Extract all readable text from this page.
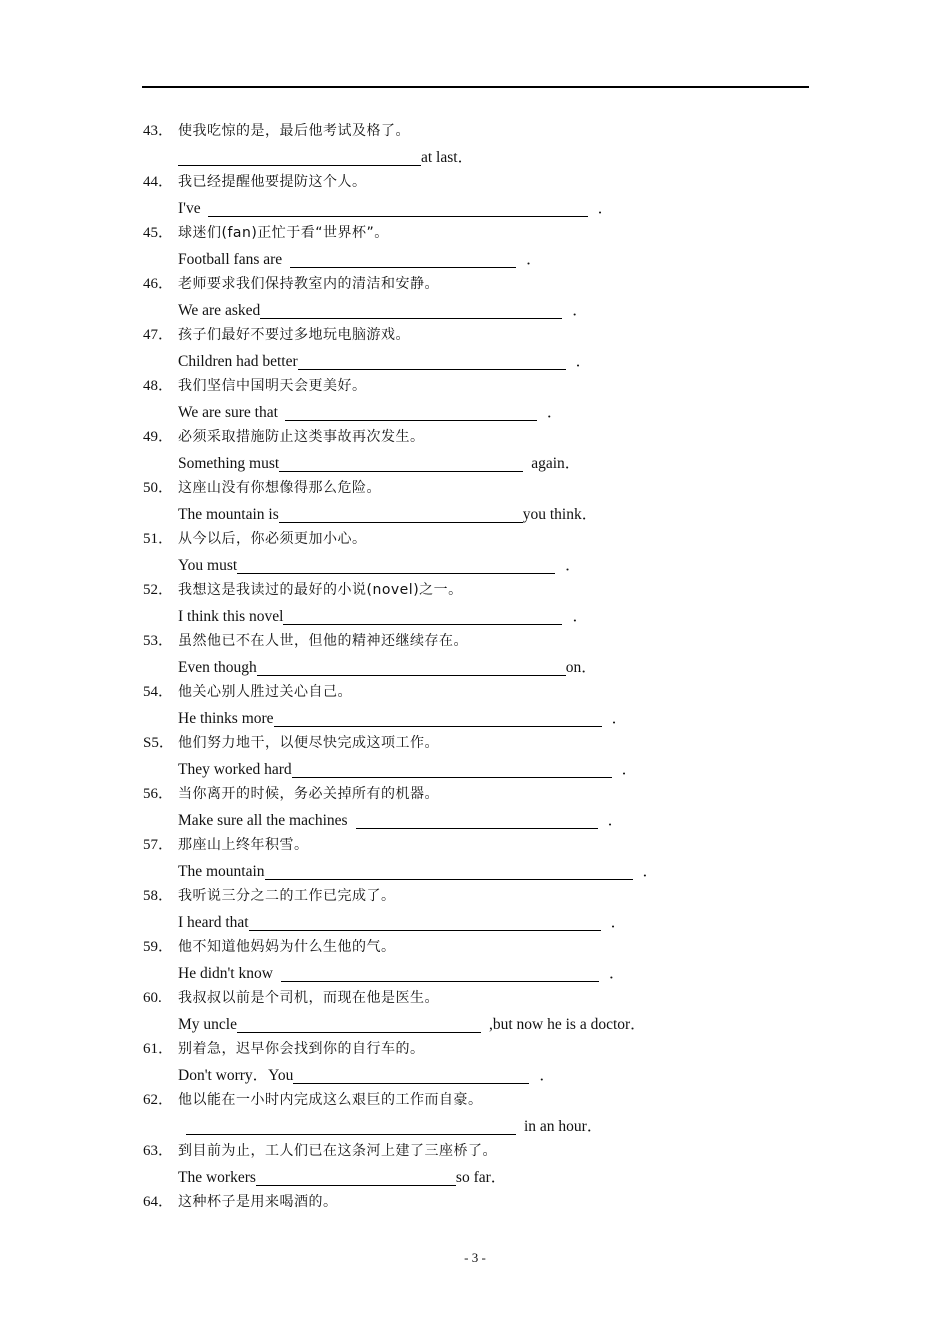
43． 使我吃惊的是，最后他考试及格了。
at last．
44． 我已经提醒他要提防这个人。
I've	．
45． 球迷们(fan)正忙于看“世界杯”。
Football fans are	．
46． 老师要求我们保持教室内的清洁和安静。
We are asked	．
47． 孩子们最好不要过多地玩电脑游戏。
Children had better	．
48． 我们坚信中国明天会更美好。
We are sure that	．
49． 必须采取措施防止这类事故再次发生。
Something must	again．
50． 这座山没有你想像得那么危险。
The mountain is	you think．
51． 从今以后，你必须更加小心。
You must	．
52． 我想这是我读过的最好的小说(novel)之一。
I think this novel	．
53． 虽然他已不在人世，但他的精神还继续存在。
Even though	on．
54． 他关心别人胜过关心自己。
He thinks more	．
S5． 他们努力地干，以便尽快完成这项工作。
They worked hard	．
56． 当你离开的时候，务必关掉所有的机器。
Make sure all the machines	．
57． 那座山上终年积雪。
The mountain	．
58． 我听说三分之二的工作已完成了。
I heard that	．
59． 他不知道他妈妈为什么生他的气。
He didn't know	．
60. 我叔叔以前是个司机，而现在他是医生。
My uncle	,but now he is a doctor．
61． 别着急，迟早你会找到你的自行车的。
Don't worry．You	．
62． 他以能在一小时内完成这么艰巨的工作而自豪。
in an hour．
63． 到目前为止，工人们已在这条河上建了三座桥了。
The workers	so far．
64． 这种杯子是用来喝酒的。
- 3 -
